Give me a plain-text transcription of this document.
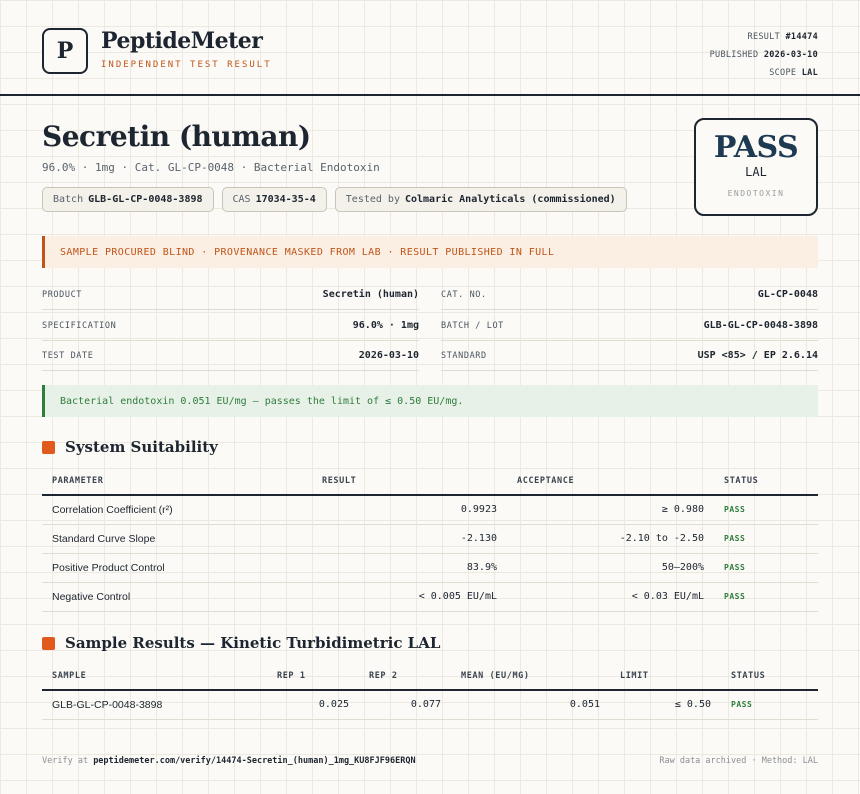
P PeptideMeter
INDEPENDENT TEST RESULT
RESULT #14474
PUBLISHED 2026-03-10
SCOPE LAL
Secretin (human)
96.0% · 1mg · Cat. GL-CP-0048 · Bacterial Endotoxin
Batch GLB-GL-CP-0048-3898	CAS 17034-35-4	Tested by Colmaric Analyticals (commissioned)
PASS
LAL
ENDOTOXIN
SAMPLE PROCURED BLIND · PROVENANCE MASKED FROM LAB · RESULT PUBLISHED IN FULL
PRODUCT	Secretin (human)
SPECIFICATION	96.0% · 1mg
TEST DATE	2026-03-10
CAT. NO.	GL-CP-0048
BATCH / LOT	GLB-GL-CP-0048-3898
STANDARD	USP <85> / EP 2.6.14
Bacterial endotoxin 0.051 EU/mg — passes the limit of ≤ 0.50 EU/mg.
System Suitability
PARAMETER	RESULT	ACCEPTANCE	STATUS
Correlation Coefficient (r²)	0.9923	≥ 0.980	PASS
Standard Curve Slope	-2.130	-2.10 to -2.50	PASS
Positive Product Control	83.9%	50–200%	PASS
Negative Control	< 0.005 EU/mL	< 0.03 EU/mL	PASS
Sample Results — Kinetic Turbidimetric LAL
SAMPLE	REP 1	REP 2	MEAN (EU/MG)	LIMIT	STATUS
GLB-GL-CP-0048-3898	0.025	0.077	0.051	≤ 0.50	PASS
Verify at peptidemeter.com/verify/14474-Secretin_(human)_1mg_KU8FJF96ERQN	Raw data archived · Method: LAL
